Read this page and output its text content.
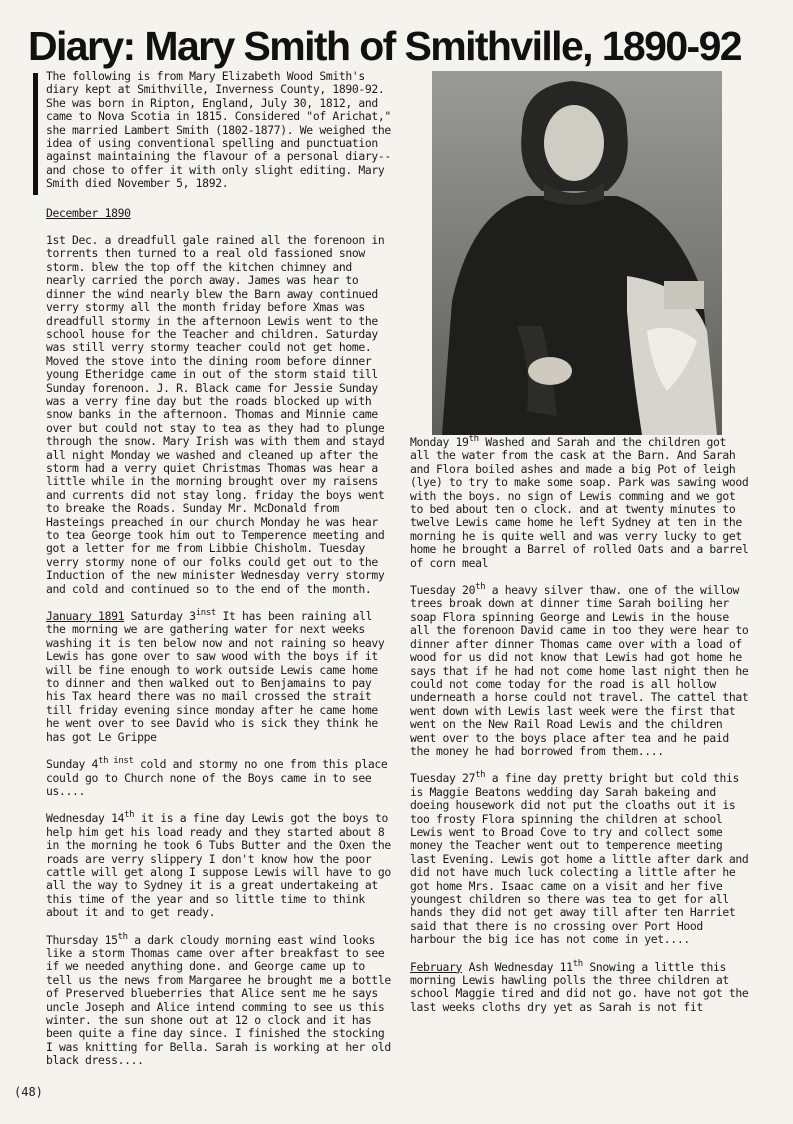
Diary: Mary Smith of Smithville, 1890-92

The following is from Mary Elizabeth Wood Smith's diary kept at Smithville, Inverness County, 1890-92. She was born in Ripton, England, July 30, 1812, and came to Nova Scotia in 1815. Considered "of Arichat," she married Lambert Smith (1802-1877). We weighed the idea of using conventional spelling and punctuation against maintaining the flavour of a personal diary--and chose to offer it with only slight editing. Mary Smith died November 5, 1892.

December 1890

1st Dec. a dreadfull gale rained all the forenoon in torrents then turned to a real old fassioned snow storm. blew the top off the kitchen chimney and nearly carried the porch away. James was hear to dinner the wind nearly blew the Barn away continued verry stormy all the month friday before Xmas was dreadfull stormy in the afternoon Lewis went to the school house for the Teacher and children. Saturday was still verry stormy teacher could not get home. Moved the stove into the dining room before dinner young Etheridge came in out of the storm staid till Sunday forenoon. J. R. Black came for Jessie Sunday was a verry fine day but the roads blocked up with snow banks in the afternoon. Thomas and Minnie came over but could not stay to tea as they had to plunge through the snow. Mary Irish was with them and stayd all night Monday we washed and cleaned up after the storm had a verry quiet Christmas Thomas was hear a little while in the morning brought over my raisens and currents did not stay long. friday the boys went to breake the Roads. Sunday Mr. McDonald from Hasteings preached in our church Monday he was hear to tea George took him out to Temperence meeting and got a letter for me from Libbie Chisholm. Tuesday verry stormy none of our folks could get out to the Induction of the new minister Wednesday verry stormy and cold and continued so to the end of the month.

January 1891 Saturday $3^{inst}$ It has been raining all the morning we are gathering water for next weeks washing it is ten below now and not raining so heavy Lewis has gone over to saw wood with the boys if it will be fine enough to work outside Lewis came home to dinner and then walked out to Benjamains to pay his Tax heard there was no mail crossed the strait till friday evening since monday after he came home he went over to see David who is sick they think he has got Le Grippe

Sunday $4^{th inst}$ cold and stormy no one from this place could go to Church none of the Boys came in to see us....

Wednesday 14th it is a fine day Lewis got the boys to help him get his load ready and they started about 8 in the morning he took 6 Tubs Butter and the Oxen the roads are verry slippery I don't know how the poor cattle will get along I suppose Lewis will have to go all the way to Sydney it is a great undertakeing at this time of the year and so little time to think about it and to get ready.

Thursday 15th a dark cloudy morning east wind looks like a storm Thomas came over after breakfast to see if we needed anything done. and George came up to tell us the news from Margaree he brought me a bottle of Preserved blueberries that Alice sent me he says uncle Joseph and Alice intend comming to see us this winter. the sun shone out at 12 o clock and it has been quite a fine day since. I finished the stocking I was knitting for Bella. Sarah is working at her old black dress....

Monday 19th Washed and Sarah and the children got all the water from the cask at the Barn. And Sarah and Flora boiled ashes and made a big Pot of leigh (lye) to try to make some soap. Park was sawing wood with the boys. no sign of Lewis comming and we got to bed about ten o clock. and at twenty minutes to twelve Lewis came home he left Sydney at ten in the morning he is quite well and was verry lucky to get home he brought a Barrel of rolled Oats and a barrel of corn meal

Tuesday 20th a heavy silver thaw. one of the willow trees broak down at dinner time Sarah boiling her soap Flora spinning George and Lewis in the house all the forenoon David came in too they were hear to dinner after dinner Thomas came over with a load of wood for us did not know that Lewis had got home he says that if he had not come home last night then he could not come today for the road is all hollow underneath a horse could not travel. The cattel that went down with Lewis last week were the first that went on the New Rail Road Lewis and the children went over to the boys place after tea and he paid the money he had borrowed from them....

Tuesday 27th a fine day pretty bright but cold this is Maggie Beatons wedding day Sarah bakeing and doeing housework did not put the cloaths out it is too frosty Flora spinning the children at school Lewis went to Broad Cove to try and collect some money the Teacher went out to temperence meeting last Evening. Lewis got home a little after dark and did not have much luck colecting a little after he got home Mrs. Isaac came on a visit and her five youngest children so there was tea to get for all hands they did not get away till after ten Harriet said that there is no crossing over Port Hood harbour the big ice has not come in yet....

February Ash Wednesday 11th Snowing a little this morning Lewis hawling polls the three children at school Maggie tired and did not go. have not got the last weeks cloths dry yet as Sarah is not fit

(48)
